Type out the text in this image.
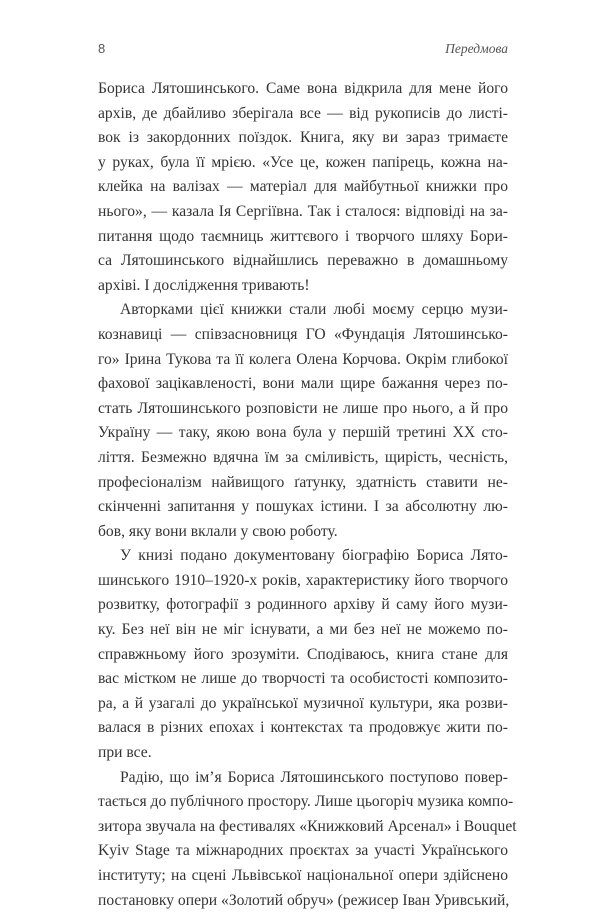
8	Передмова
Бориса Лятошинського. Саме вона відкрила для мене його
архів, де дбайливо зберігала все — від рукописів до листі-
вок із закордонних поїздок. Книга, яку ви зараз тримаєте
у руках, була її мрією. «Усе це, кожен папірець, кожна на-
клейка на валізах — матеріал для майбутньої книжки про
нього», — казала Ія Сергіївна. Так і сталося: відповіді на за-
питання щодо таємниць життєвого і творчого шляху Бори-
са Лятошинського віднайшлись переважно в домашньому
архіві. І дослідження тривають!
Авторками цієї книжки стали любі моєму серцю музи-
кознавиці — співзасновниця ГО «Фундація Лятошинсько-
го» Ірина Тукова та її колега Олена Корчова. Окрім глибокої
фахової зацікавленості, вони мали щире бажання через по-
стать Лятошинського розповісти не лише про нього, а й про
Україну — таку, якою вона була у першій третині XX сто-
ліття. Безмежно вдячна їм за сміливість, щирість, чесність,
професіоналізм найвищого ґатунку, здатність ставити не-
скінченні запитання у пошуках істини. І за абсолютну лю-
бов, яку вони вклали у свою роботу.
У книзі подано документовану біографію Бориса Лято-
шинського 1910–1920-х років, характеристику його творчого
розвитку, фотографії з родинного архіву й саму його музи-
ку. Без неї він не міг існувати, а ми без неї не можемо по-
справжньому його зрозуміти. Сподіваюсь, книга стане для
вас містком не лише до творчості та особистості композито-
ра, а й узагалі до української музичної культури, яка розви-
валася в різних епохах і контекстах та продовжує жити по-
при все.
Радію, що ім’я Бориса Лятошинського поступово повер-
тається до публічного простору. Лише цьогоріч музика компо-
зитора звучала на фестивалях «Книжковий Арсенал» і Bouquet
Kyiv Stage та міжнародних проєктах за участі Українського
інституту; на сцені Львівської національної опери здійснено
постановку опери «Золотий обруч» (режисер Іван Уривський,
